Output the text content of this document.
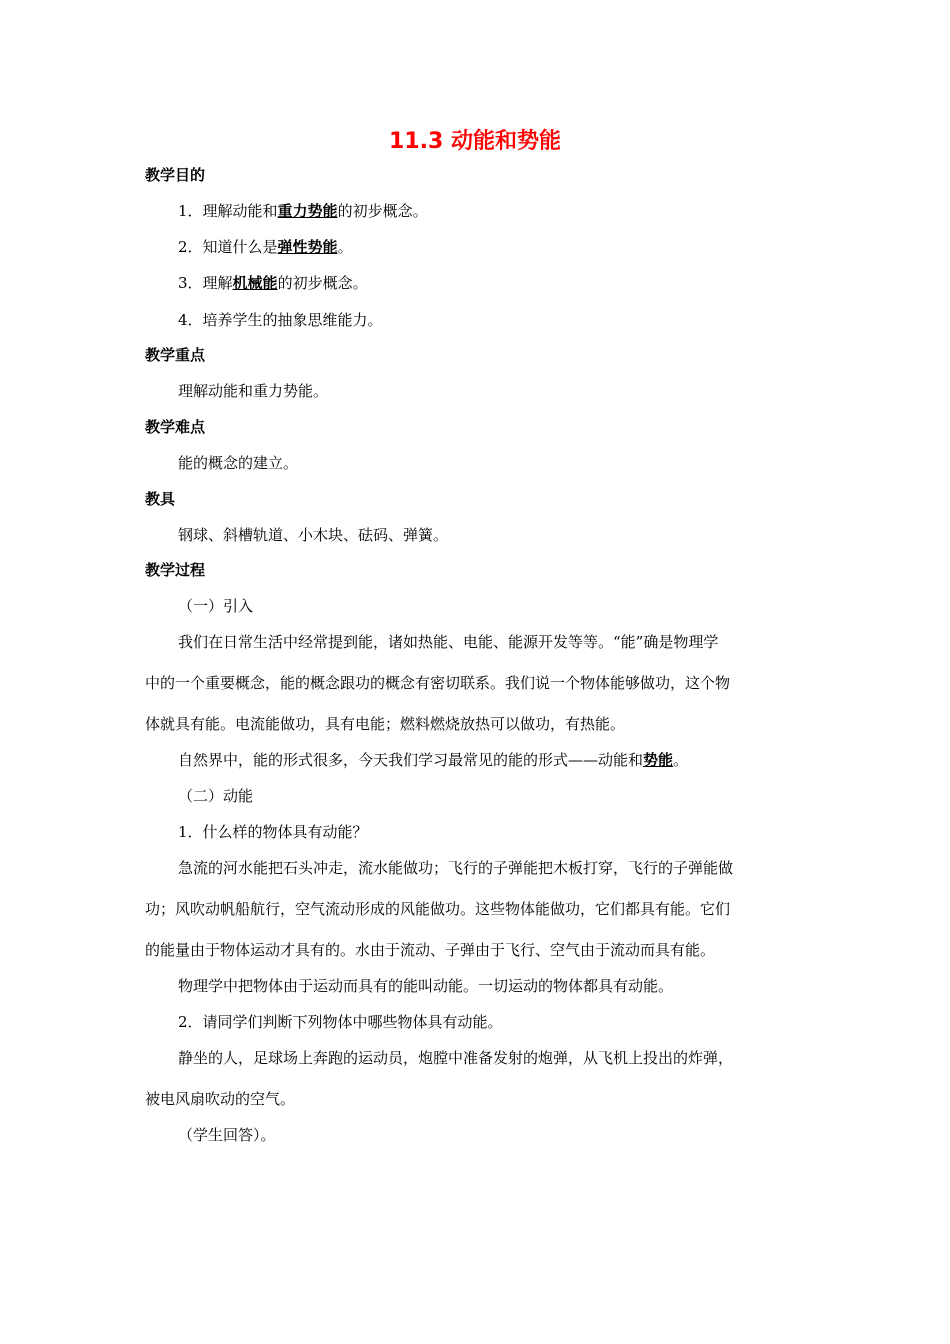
11.3 动能和势能
教学目的
1．理解动能和重力势能的初步概念。
2．知道什么是弹性势能。
3．理解机械能的初步概念。
4．培养学生的抽象思维能力。
教学重点
理解动能和重力势能。
教学难点
能的概念的建立。
教具
钢球、斜槽轨道、小木块、砝码、弹簧。
教学过程
（一）引入
我们在日常生活中经常提到能，诸如热能、电能、能源开发等等。“能”确是物理学
中的一个重要概念，能的概念跟功的概念有密切联系。我们说一个物体能够做功，这个物
体就具有能。电流能做功，具有电能；燃料燃烧放热可以做功，有热能。
自然界中，能的形式很多，今天我们学习最常见的能的形式——动能和势能。
（二）动能
1．什么样的物体具有动能？
急流的河水能把石头冲走，流水能做功；飞行的子弹能把木板打穿，飞行的子弹能做
功；风吹动帆船航行，空气流动形成的风能做功。这些物体能做功，它们都具有能。它们
的能量由于物体运动才具有的。水由于流动、子弹由于飞行、空气由于流动而具有能。
物理学中把物体由于运动而具有的能叫动能。一切运动的物体都具有动能。
2．请同学们判断下列物体中哪些物体具有动能。
静坐的人，足球场上奔跑的运动员，炮膛中准备发射的炮弹，从飞机上投出的炸弹，
被电风扇吹动的空气。
（学生回答）。
